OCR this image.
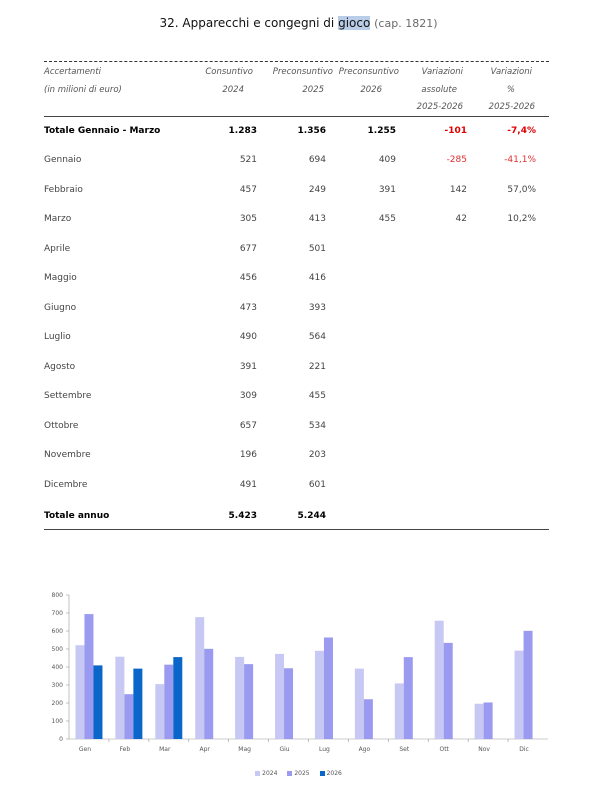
32. Apparecchi e congegni di gioco (cap. 1821)
Accertamenti
(in milioni di euro)
Consuntivo
2024
Preconsuntivo
2025
Preconsuntivo
2026
Variazioni
assolute
2025-2026
Variazioni
%
2025-2026
Totale Gennaio - Marzo	1.283	1.356	1.255	-101	-7,4%
Gennaio	521	694	409	-285	-41,1%
Febbraio	457	249	391	142	57,0%
Marzo	305	413	455	42	10,2%
Aprile	677	501
Maggio	456	416
Giugno	473	393
Luglio	490	564
Agosto	391	221
Settembre	309	455
Ottobre	657	534
Novembre	196	203
Dicembre	491	601
Totale annuo	5.423	5.244
0
100
200
300
400
500
600
700
800
Gen	Feb	Mar	Apr	Mag	Giu	Lug	Ago	Set	Ott	Nov	Dic
2024	2025	2026
